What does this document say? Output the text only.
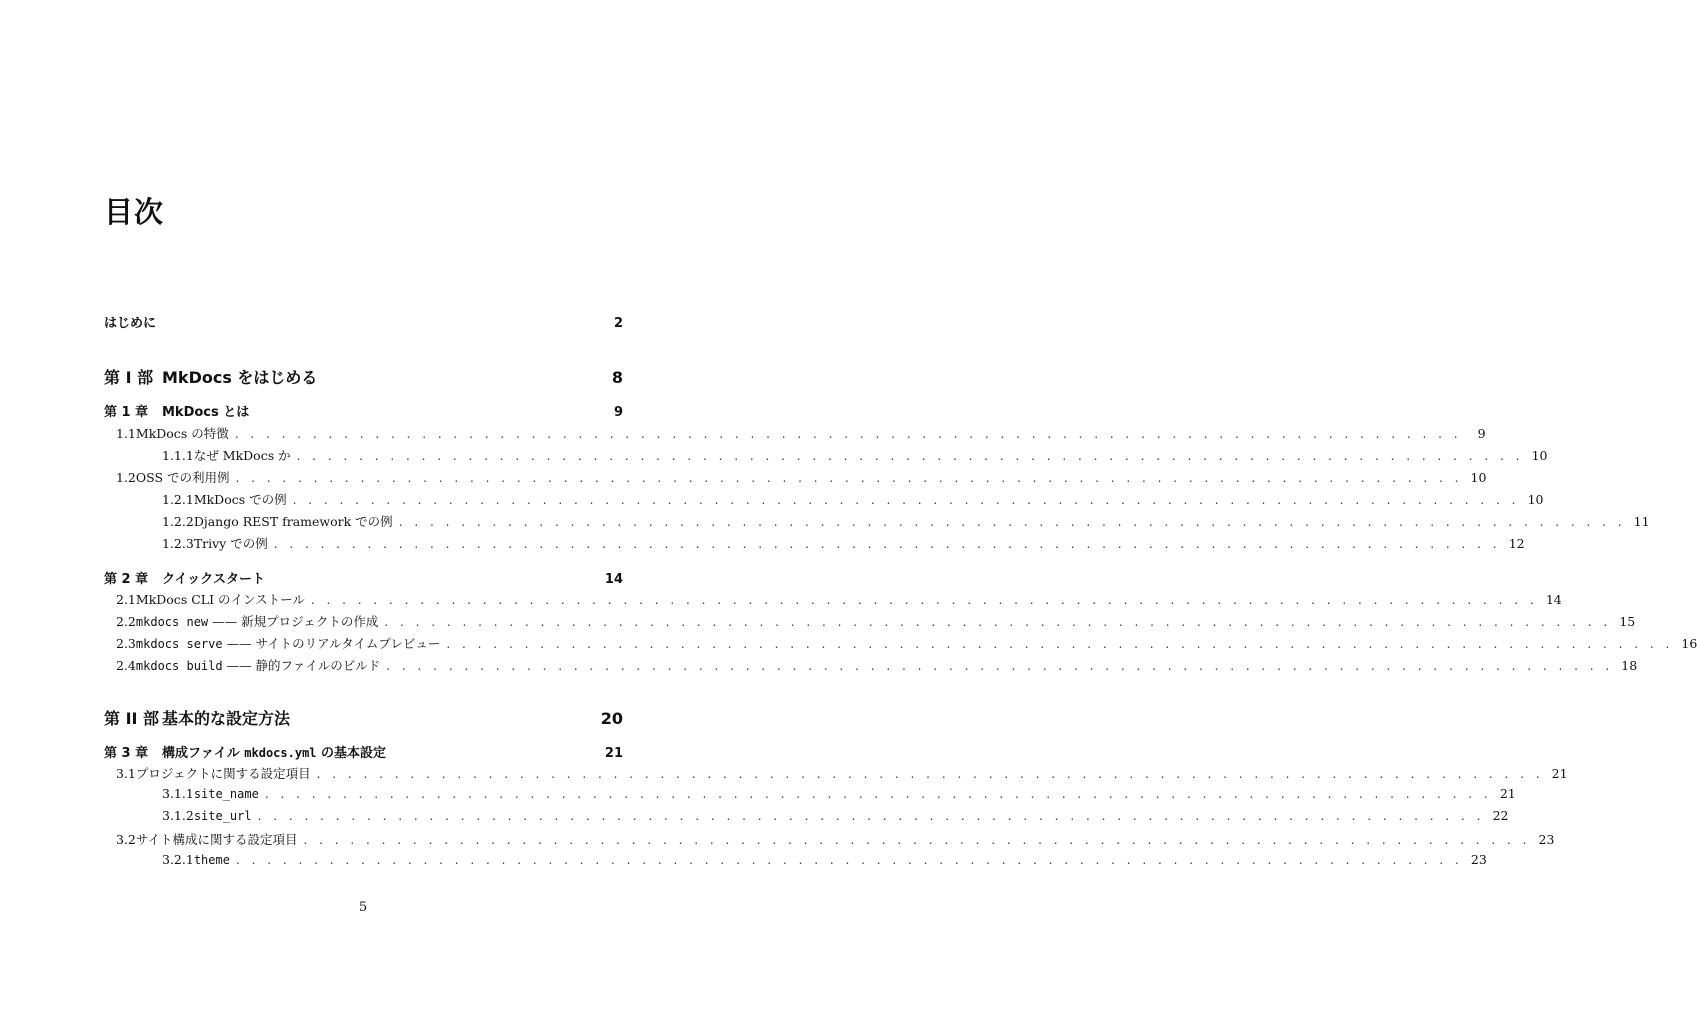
目次
はじめに	2
第 I 部 MkDocs をはじめる	8
第 1 章	MkDocs とは	9
1.1 MkDocs の特徴 . . .	9
1.1.1 なぜ MkDocs か . . .	10
1.2 OSS での利用例 . . .	10
1.2.1 MkDocs での例 . . .	10
1.2.2 Django REST framework での例 . . .	11
1.2.3 Trivy での例 . . .	12
第 2 章	クイックスタート	14
2.1 MkDocs CLI のインストール . . .	14
2.2 mkdocs new —— 新規プロジェクトの作成 . . .	15
2.3 mkdocs serve —— サイトのリアルタイムプレビュー . . .	16
2.4 mkdocs build —— 静的ファイルのビルド . . .	18
第 II 部 基本的な設定方法	20
第 3 章	構成ファイル mkdocs.yml の基本設定	21
3.1 プロジェクトに関する設定項目 . . .	21
3.1.1 site_name . . .	21
3.1.2 site_url . . .	22
3.2 サイト構成に関する設定項目 . . .	23
3.2.1 theme . . .	23
5
